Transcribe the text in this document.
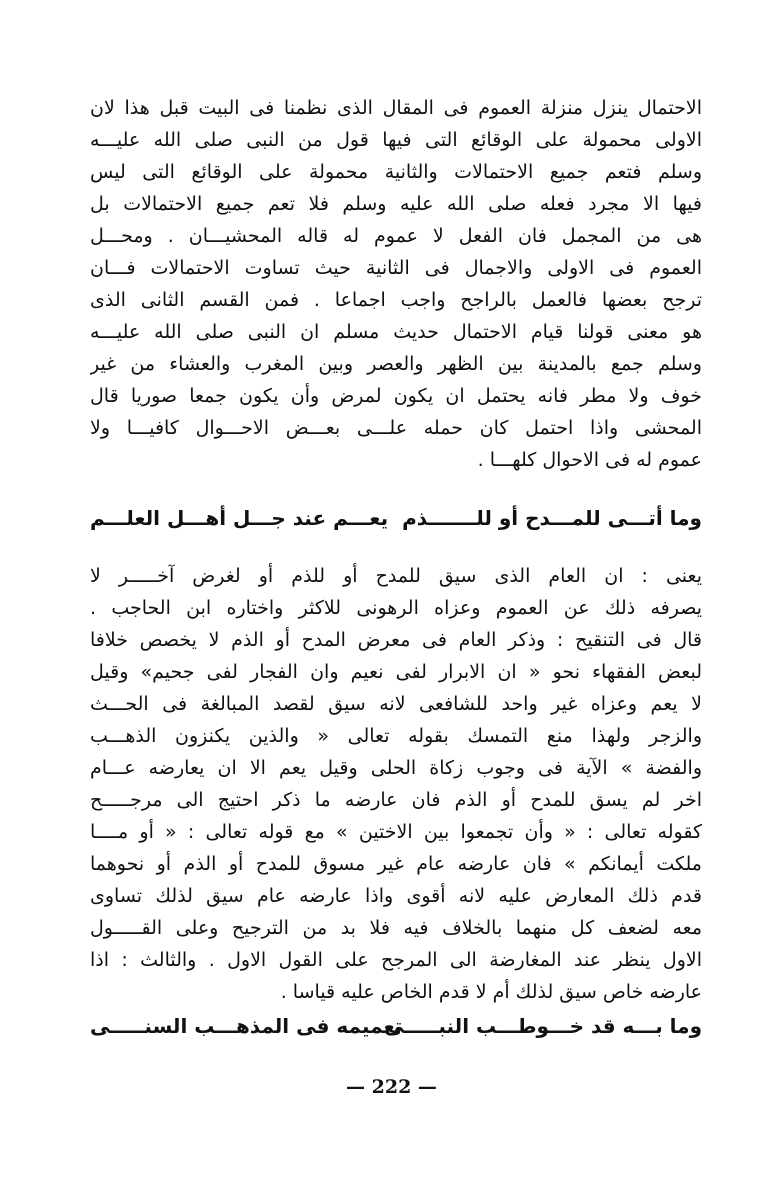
الاحتمال ينزل منزلة العموم فى المقال الذى نظمنا فى البيت قبل هذا لان
الاولى محمولة على الوقائع التى فيها قول من النبى صلى الله عليـــه
وسلم فتعم جميع الاحتمالات والثانية محمولة على الوقائع التى ليس
فيها الا مجرد فعله صلى الله عليه وسلم فلا تعم جميع الاحتمالات بل
هى من المجمل فان الفعل لا عموم له قاله المحشيـــان . ومحـــل
العموم فى الاولى والاجمال فى الثانية حيث تساوت الاحتمالات فـــان
ترجح بعضها فالعمل بالراجح واجب اجماعا . فمن القسم الثانى الذى
هو معنى قولنا قيام الاحتمال حديث مسلم ان النبى صلى الله عليـــه
وسلم جمع بالمدينة بين الظهر والعصر وبين المغرب والعشاء من غير
خوف ولا مطر فانه يحتمل ان يكون لمرض وأن يكون جمعا صوريا قال
المحشى واذا احتمل كان حمله علـــى بعـــض الاحـــوال كافيـــا ولا
عموم له فى الاحوال كلهـــا .
وما أتـــى للمـــدح أو للـــــــذم
يعـــم عند جـــل أهـــل العلـــم
يعنى : ان العام الذى سيق للمدح أو للذم أو لغرض آخـــــر لا
يصرفه ذلك عن العموم وعزاه الرهونى للاكثر واختاره ابن الحاجب .
قال فى التنقيح : وذكر العام فى معرض المدح أو الذم لا يخصص خلافا
لبعض الفقهاء نحو « ان الابرار لفى نعيم وان الفجار لفى جحيم» وقيل
لا يعم وعزاه غير واحد للشافعى لانه سيق لقصد المبالغة فى الحـــث
والزجر ولهذا منع التمسك بقوله تعالى « والذين يكنزون الذهـــب
والفضة » الآية فى وجوب زكاة الحلى وقيل يعم الا ان يعارضه عـــام
اخر لم يسق للمدح أو الذم فان عارضه ما ذكر احتيج الى مرجـــــح
كقوله تعالى : « وأن تجمعوا بين الاختين » مع قوله تعالى : « أو مــــا
ملكت أيمانكم » فان عارضه عام غير مسوق للمدح أو الذم أو نحوهما
قدم ذلك المعارض عليه لانه أقوى واذا عارضه عام سيق لذلك تساوى
معه لضعف كل منهما بالخلاف فيه فلا بد من الترجيح وعلى القـــــول
الاول ينظر عند المغارضة الى المرجح على القول الاول . والثالث : اذا
عارضه خاص سيق لذلك أم لا قدم الخاص عليه قياسا .
وما بـــه قد خـــوطـــب النبـــــى
تعميمه فى المذهـــب السنـــــى
— 222 —
